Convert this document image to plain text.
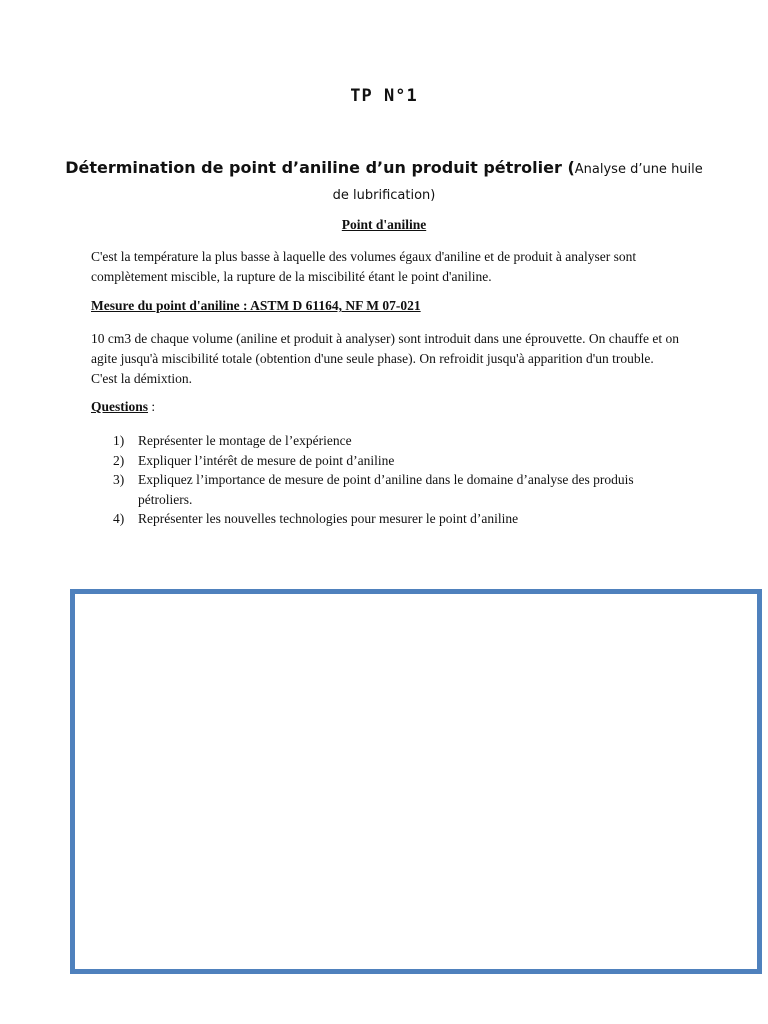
TP N°1
Détermination de point d’aniline d’un produit pétrolier (Analyse d’une huile de lubrification)
Point d'aniline
C'est la température la plus basse à laquelle des volumes égaux d'aniline et de produit à analyser sont complètement miscible, la rupture de la miscibilité étant le point d'aniline.
Mesure du point d'aniline : ASTM D 61164, NF M 07-021
10 cm3 de chaque volume (aniline et produit à analyser) sont introduit dans une éprouvette. On chauffe et on agite jusqu'à miscibilité totale (obtention d'une seule phase). On refroidit jusqu'à apparition d'un trouble. C'est la démixtion.
Questions :
1) Représenter le montage de l’expérience
2) Expliquer l’intérêt de mesure de point d’aniline
3) Expliquez l’importance de mesure de point d’aniline dans le domaine d’analyse des produis pétroliers.
4) Représenter les nouvelles technologies pour mesurer le point d’aniline
